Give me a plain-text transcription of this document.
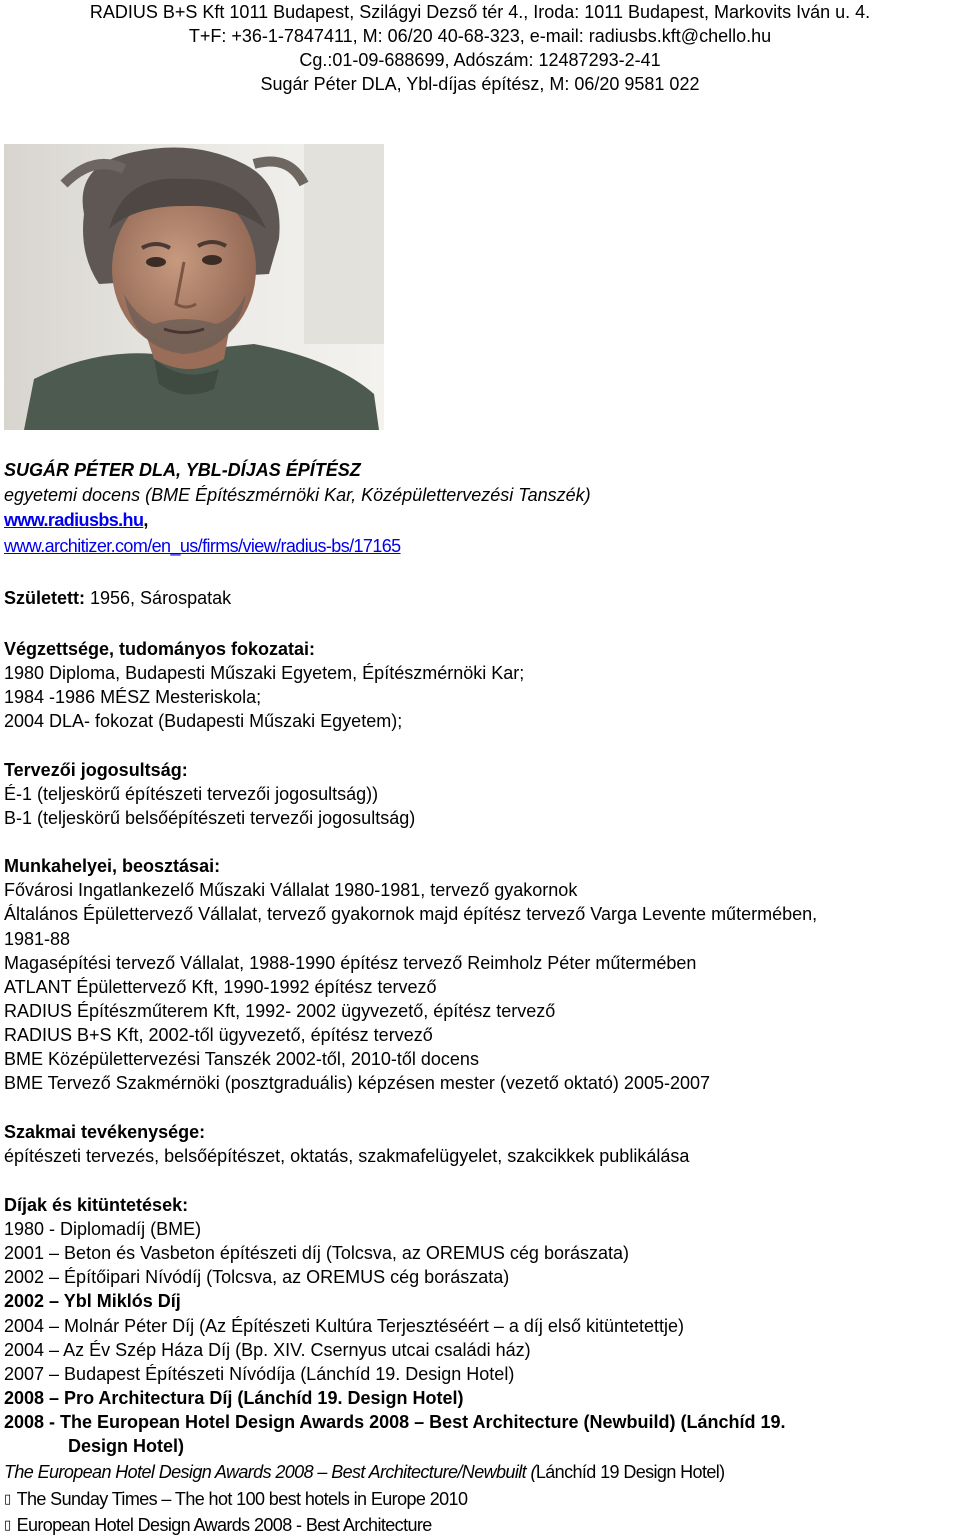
RADIUS B+S Kft 1011 Budapest, Szilágyi Dezső tér 4., Iroda: 1011 Budapest, Markovits Iván u. 4.
T+F: +36-1-7847411, M: 06/20 40-68-323, e-mail: radiusbs.kft@chello.hu
Cg.:01-09-688699, Adószám: 12487293-2-41
Sugár Péter DLA, Ybl-díjas építész, M: 06/20 9581 022
SUGÁR PÉTER DLA, YBL-DÍJAS ÉPÍTÉSZ
egyetemi docens (BME Építészmérnöki Kar, Középülettervezési Tanszék)
www.radiusbs.hu,
www.architizer.com/en_us/firms/view/radius-bs/17165
Született: 1956, Sárospatak
Végzettsége, tudományos fokozatai:
1980 Diploma, Budapesti Műszaki Egyetem, Építészmérnöki Kar;
1984 -1986 MÉSZ Mesteriskola;
2004 DLA- fokozat (Budapesti Műszaki Egyetem);
Tervezői jogosultság:
É-1 (teljeskörű építészeti tervezői jogosultság))
B-1 (teljeskörű belsőépítészeti tervezői jogosultság)
Munkahelyei, beosztásai:
Fővárosi Ingatlankezelő Műszaki Vállalat 1980-1981, tervező gyakornok
Általános Épülettervező Vállalat, tervező gyakornok majd építész tervező Varga Levente műtermében,
1981-88
Magasépítési tervező Vállalat, 1988-1990 építész tervező Reimholz Péter műtermében
ATLANT Épülettervező Kft, 1990-1992 építész tervező
RADIUS Építészműterem Kft, 1992- 2002 ügyvezető, építész tervező
RADIUS B+S Kft, 2002-től ügyvezető, építész tervező
BME Középülettervezési Tanszék 2002-től, 2010-től docens
BME Tervező Szakmérnöki (posztgraduális) képzésen mester (vezető oktató) 2005-2007
Szakmai tevékenysége:
építészeti tervezés, belsőépítészet, oktatás, szakmafelügyelet, szakcikkek publikálása
Díjak és kitüntetések:
1980 - Diplomadíj (BME)
2001 – Beton és Vasbeton építészeti díj (Tolcsva, az OREMUS cég borászata)
2002 – Építőipari Nívódíj (Tolcsva, az OREMUS cég borászata)
2002 – Ybl Miklós Díj
2004 – Molnár Péter Díj (Az Építészeti Kultúra Terjesztéséért – a díj első kitüntetettje)
2004 – Az Év Szép Háza Díj (Bp. XIV. Csernyus utcai családi ház)
2007 – Budapest Építészeti Nívódíja (Lánchíd 19. Design Hotel)
2008 – Pro Architectura Díj (Lánchíd 19. Design Hotel)
2008 - The European Hotel Design Awards 2008 – Best Architecture (Newbuild) (Lánchíd 19.
Design Hotel)
The European Hotel Design Awards 2008 – Best Architecture/Newbuilt (Lánchíd 19 Design Hotel)
▯ The Sunday Times – The hot 100 best hotels in Europe 2010
▯ European Hotel Design Awards 2008 - Best Architecture
